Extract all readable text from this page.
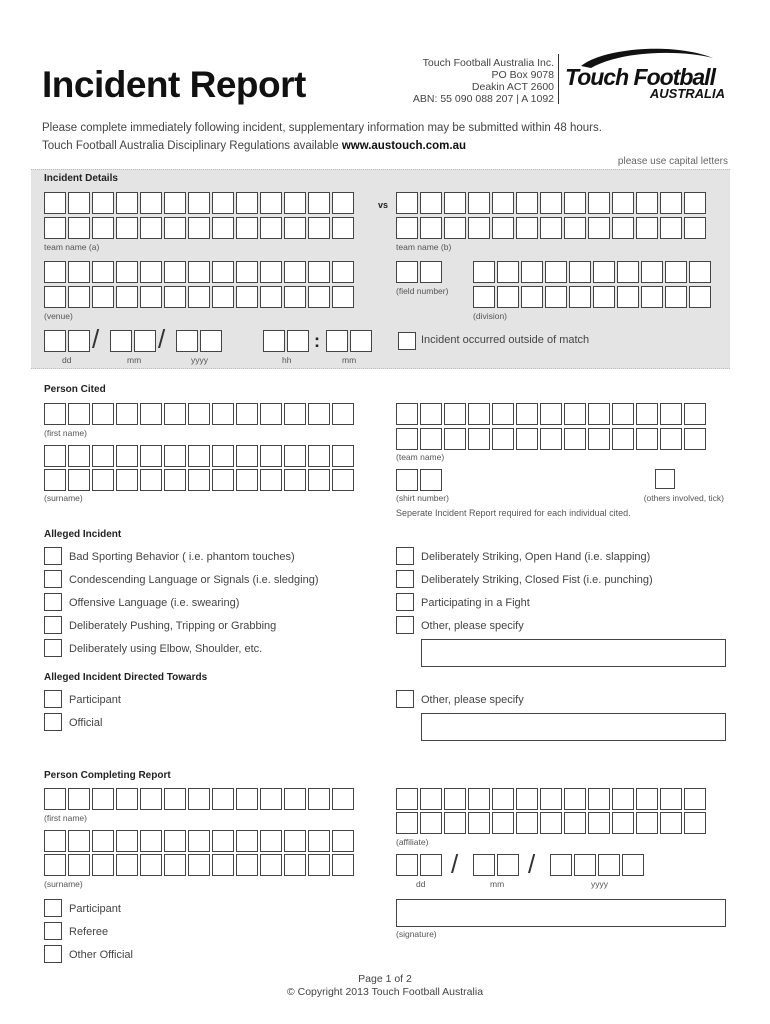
Incident Report
Touch Football Australia Inc.
PO Box 9078
Deakin ACT 2600
ABN: 55 090 088 207 | A 1092
Touch Football
AUSTRALIA
Please complete immediately following incident, supplementary information may be submitted within 48 hours.
Touch Football Australia Disciplinary Regulations available www.austouch.com.au
please use capital letters
Incident Details
vs
team name (a)	team name (b)
(field number)
(venue)	(division)
/ /	:
dd	mm	yyyy	hh	mm
Incident occurred outside of match
Person Cited
(first name)
(team name)
(surname)	(shirt number)	(others involved, tick)
Seperate Incident Report required for each individual cited.
Alleged Incident
Bad Sporting Behavior ( i.e. phantom touches)
Condescending Language or Signals (i.e. sledging)
Offensive Language (i.e. swearing)
Deliberately Pushing, Tripping or Grabbing
Deliberately using Elbow, Shoulder, etc.
Deliberately Striking, Open Hand (i.e. slapping)
Deliberately Striking, Closed Fist (i.e. punching)
Participating in a Fight
Other, please specify
Alleged Incident Directed Towards
Participant
Official
Other, please specify
Person Completing Report
(first name)
(affiliate)
/	/
(surname)	dd	mm	yyyy
Participant
Referee
Other Official
(signature)
Page 1 of 2
© Copyright 2013 Touch Football Australia
